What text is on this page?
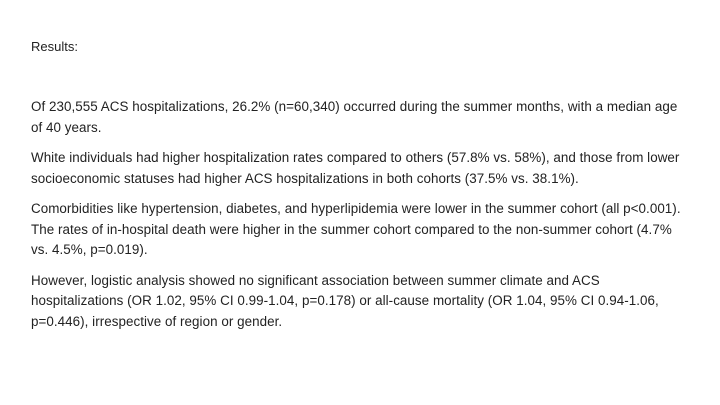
Results:

Of 230,555 ACS hospitalizations, 26.2% (n=60,340) occurred during the summer months, with a median age of 40 years.

White individuals had higher hospitalization rates compared to others (57.8% vs. 58%), and those from lower socioeconomic statuses had higher ACS hospitalizations in both cohorts (37.5% vs. 38.1%).

Comorbidities like hypertension, diabetes, and hyperlipidemia were lower in the summer cohort (all p<0.001). The rates of in-hospital death were higher in the summer cohort compared to the non-summer cohort (4.7% vs. 4.5%, p=0.019).

However, logistic analysis showed no significant association between summer climate and ACS hospitalizations (OR 1.02, 95% CI 0.99-1.04, p=0.178) or all-cause mortality (OR 1.04, 95% CI 0.94-1.06, p=0.446), irrespective of region or gender.
